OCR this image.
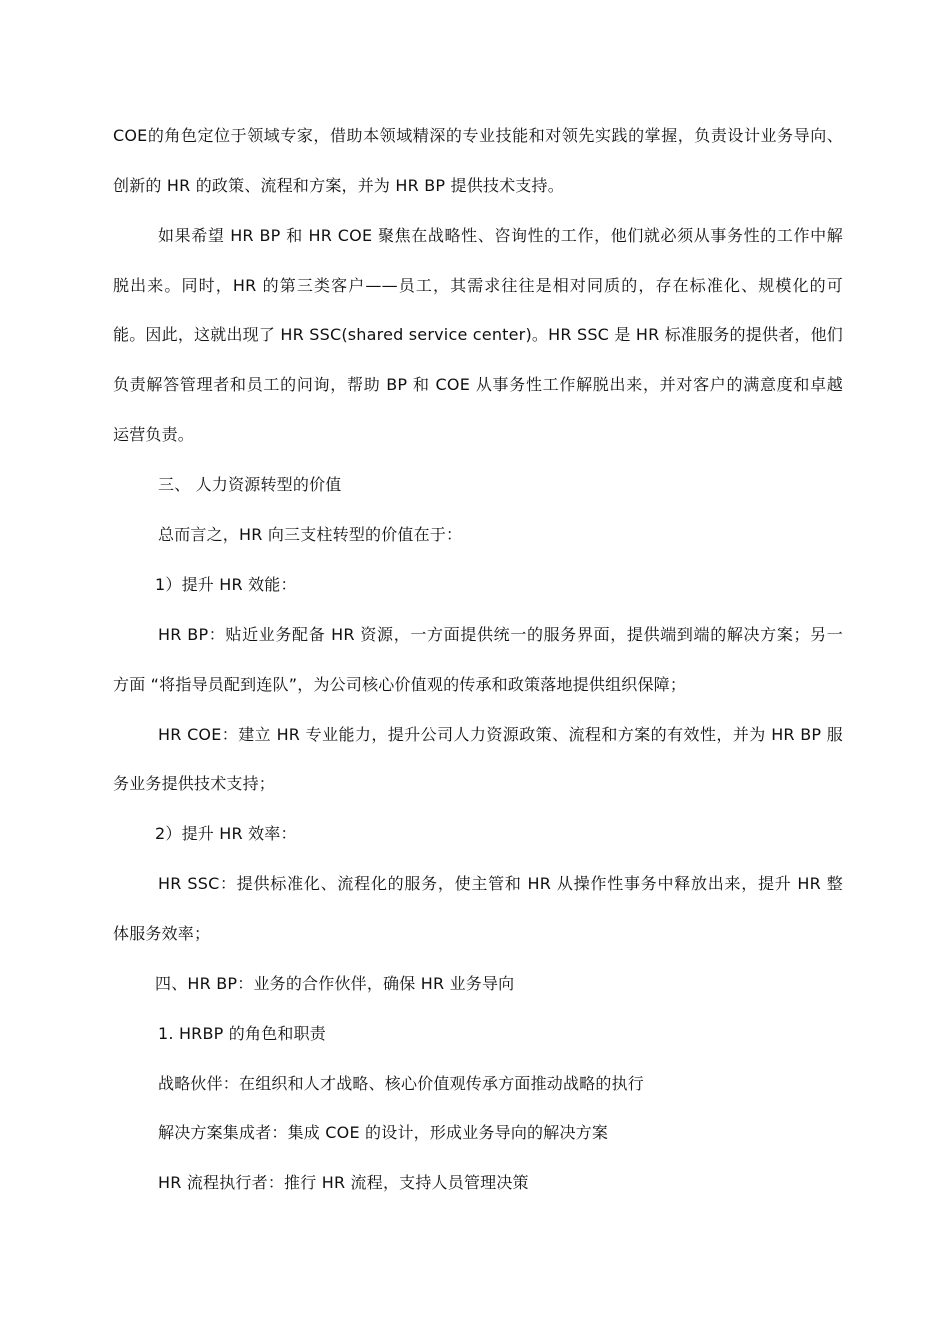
COE的角色定位于领域专家，借助本领域精深的专业技能和对领先实践的掌握，负责设计业务导向、
创新的 HR 的政策、流程和方案，并为 HR BP 提供技术支持。
如果希望 HR BP 和 HR COE 聚焦在战略性、咨询性的工作，他们就必须从事务性的工作中解
脱出来。同时，HR 的第三类客户——员工，其需求往往是相对同质的，存在标准化、规模化的可
能。因此，这就出现了 HR SSC(shared service center)。HR SSC 是 HR 标准服务的提供者，他们
负责解答管理者和员工的问询，帮助 BP 和 COE 从事务性工作解脱出来，并对客户的满意度和卓越
运营负责。
三、 人力资源转型的价值
总而言之，HR 向三支柱转型的价值在于：
1）提升 HR 效能：
HR BP：贴近业务配备 HR 资源，一方面提供统一的服务界面，提供端到端的解决方案；另一
方面 “将指导员配到连队”，为公司核心价值观的传承和政策落地提供组织保障；
HR COE：建立 HR 专业能力，提升公司人力资源政策、流程和方案的有效性，并为 HR BP 服
务业务提供技术支持；
2）提升 HR 效率：
HR SSC：提供标准化、流程化的服务，使主管和 HR 从操作性事务中释放出来，提升 HR 整
体服务效率；
四、HR BP：业务的合作伙伴，确保 HR 业务导向
1. HRBP 的角色和职责
战略伙伴：在组织和人才战略、核心价值观传承方面推动战略的执行
解决方案集成者：集成 COE 的设计，形成业务导向的解决方案
HR 流程执行者：推行 HR 流程，支持人员管理决策
